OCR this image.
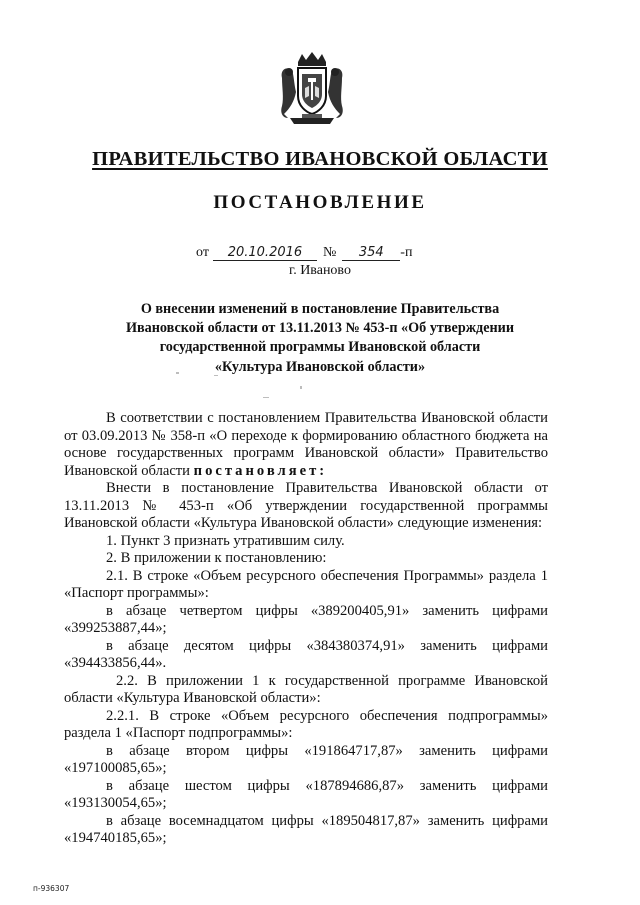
ПРАВИТЕЛЬСТВО ИВАНОВСКОЙ ОБЛАСТИ
ПОСТАНОВЛЕНИЕ
от 20.10.2016 № 354 -п
г. Иваново
О внесении изменений в постановление Правительства
Ивановской области от 13.11.2013 № 453-п «Об утверждении
государственной программы Ивановской области
«Культура Ивановской области»

В соответствии с постановлением Правительства Ивановской области от 03.09.2013 № 358-п «О переходе к формированию областного бюджета на основе государственных программ Ивановской области» Правительство Ивановской области постановляет:

Внести в постановление Правительства Ивановской области от 13.11.2013 № 453-п «Об утверждении государственной программы Ивановской области «Культура Ивановской области» следующие изменения:

1. Пункт 3 признать утратившим силу.

2. В приложении к постановлению:

2.1. В строке «Объем ресурсного обеспечения Программы» раздела 1 «Паспорт программы»:

в абзаце четвертом цифры «389200405,91» заменить цифрами «399253887,44»;

в абзаце десятом цифры «384380374,91» заменить цифрами «394433856,44».

2.2. В приложении 1 к государственной программе Ивановской области «Культура Ивановской области»:

2.2.1. В строке «Объем ресурсного обеспечения подпрограммы» раздела 1 «Паспорт подпрограммы»:

в абзаце втором цифры «191864717,87» заменить цифрами «197100085,65»;

в абзаце шестом цифры «187894686,87» заменить цифрами «193130054,65»;

в абзаце восемнадцатом цифры «189504817,87» заменить цифрами «194740185,65»;

п-936307
